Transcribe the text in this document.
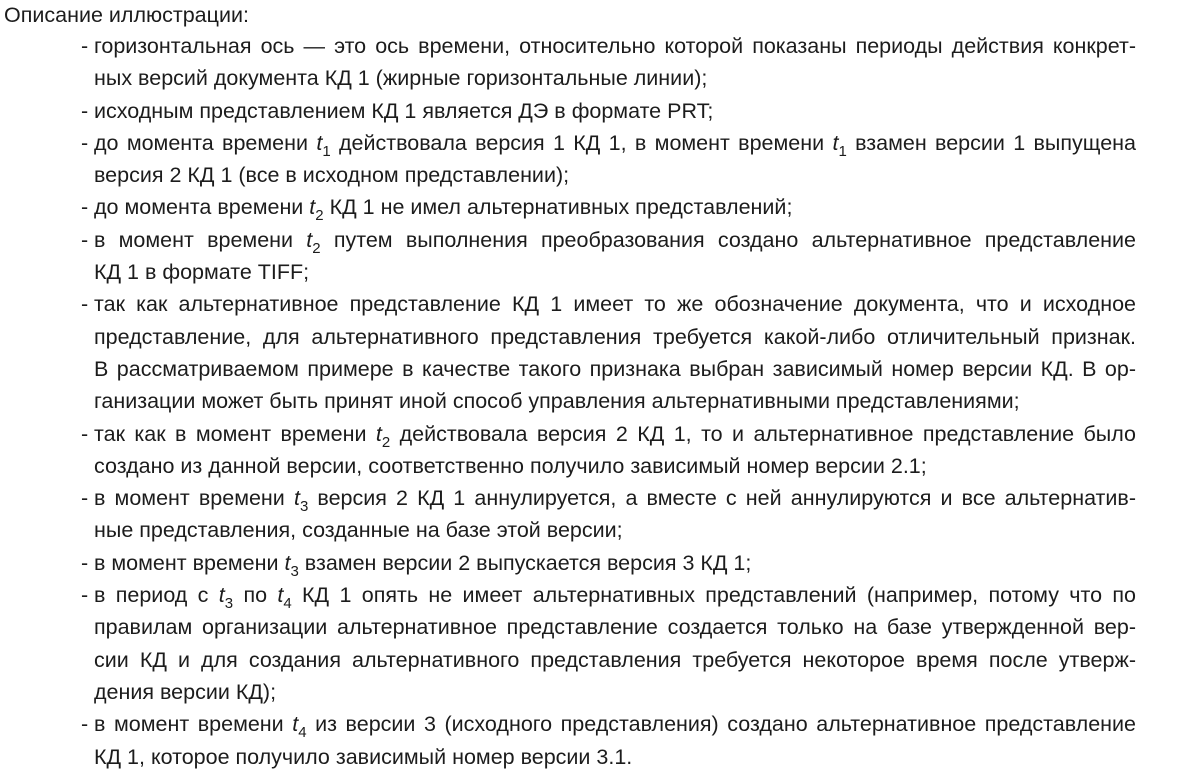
Описание иллюстрации:
- горизонтальная ось — это ось времени, относительно которой показаны периоды действия конкрет-
ных версий документа КД 1 (жирные горизонтальные линии);
- исходным представлением КД 1 является ДЭ в формате PRT;
- до момента времени $t_1$ действовала версия 1 КД 1, в момент времени $t_1$ взамен версии 1 выпущена
версия 2 КД 1 (все в исходном представлении);
- до момента времени $t_2$ КД 1 не имел альтернативных представлений;
- в момент времени $t_2$ путем выполнения преобразования создано альтернативное представление
КД 1 в формате TIFF;
- так как альтернативное представление КД 1 имеет то же обозначение документа, что и исходное
представление, для альтернативного представления требуется какой-либо отличительный признак.
В рассматриваемом примере в качестве такого признака выбран зависимый номер версии КД. В ор-
ганизации может быть принят иной способ управления альтернативными представлениями;
- так как в момент времени $t_2$ действовала версия 2 КД 1, то и альтернативное представление было
создано из данной версии, соответственно получило зависимый номер версии 2.1;
- в момент времени $t_3$ версия 2 КД 1 аннулируется, а вместе с ней аннулируются и все альтернатив-
ные представления, созданные на базе этой версии;
- в момент времени $t_3$ взамен версии 2 выпускается версия 3 КД 1;
- в период с $t_3$ по $t_4$ КД 1 опять не имеет альтернативных представлений (например, потому что по
правилам организации альтернативное представление создается только на базе утвержденной вер-
сии КД и для создания альтернативного представления требуется некоторое время после утверж-
дения версии КД);
- в момент времени $t_4$ из версии 3 (исходного представления) создано альтернативное представление
КД 1, которое получило зависимый номер версии 3.1.
